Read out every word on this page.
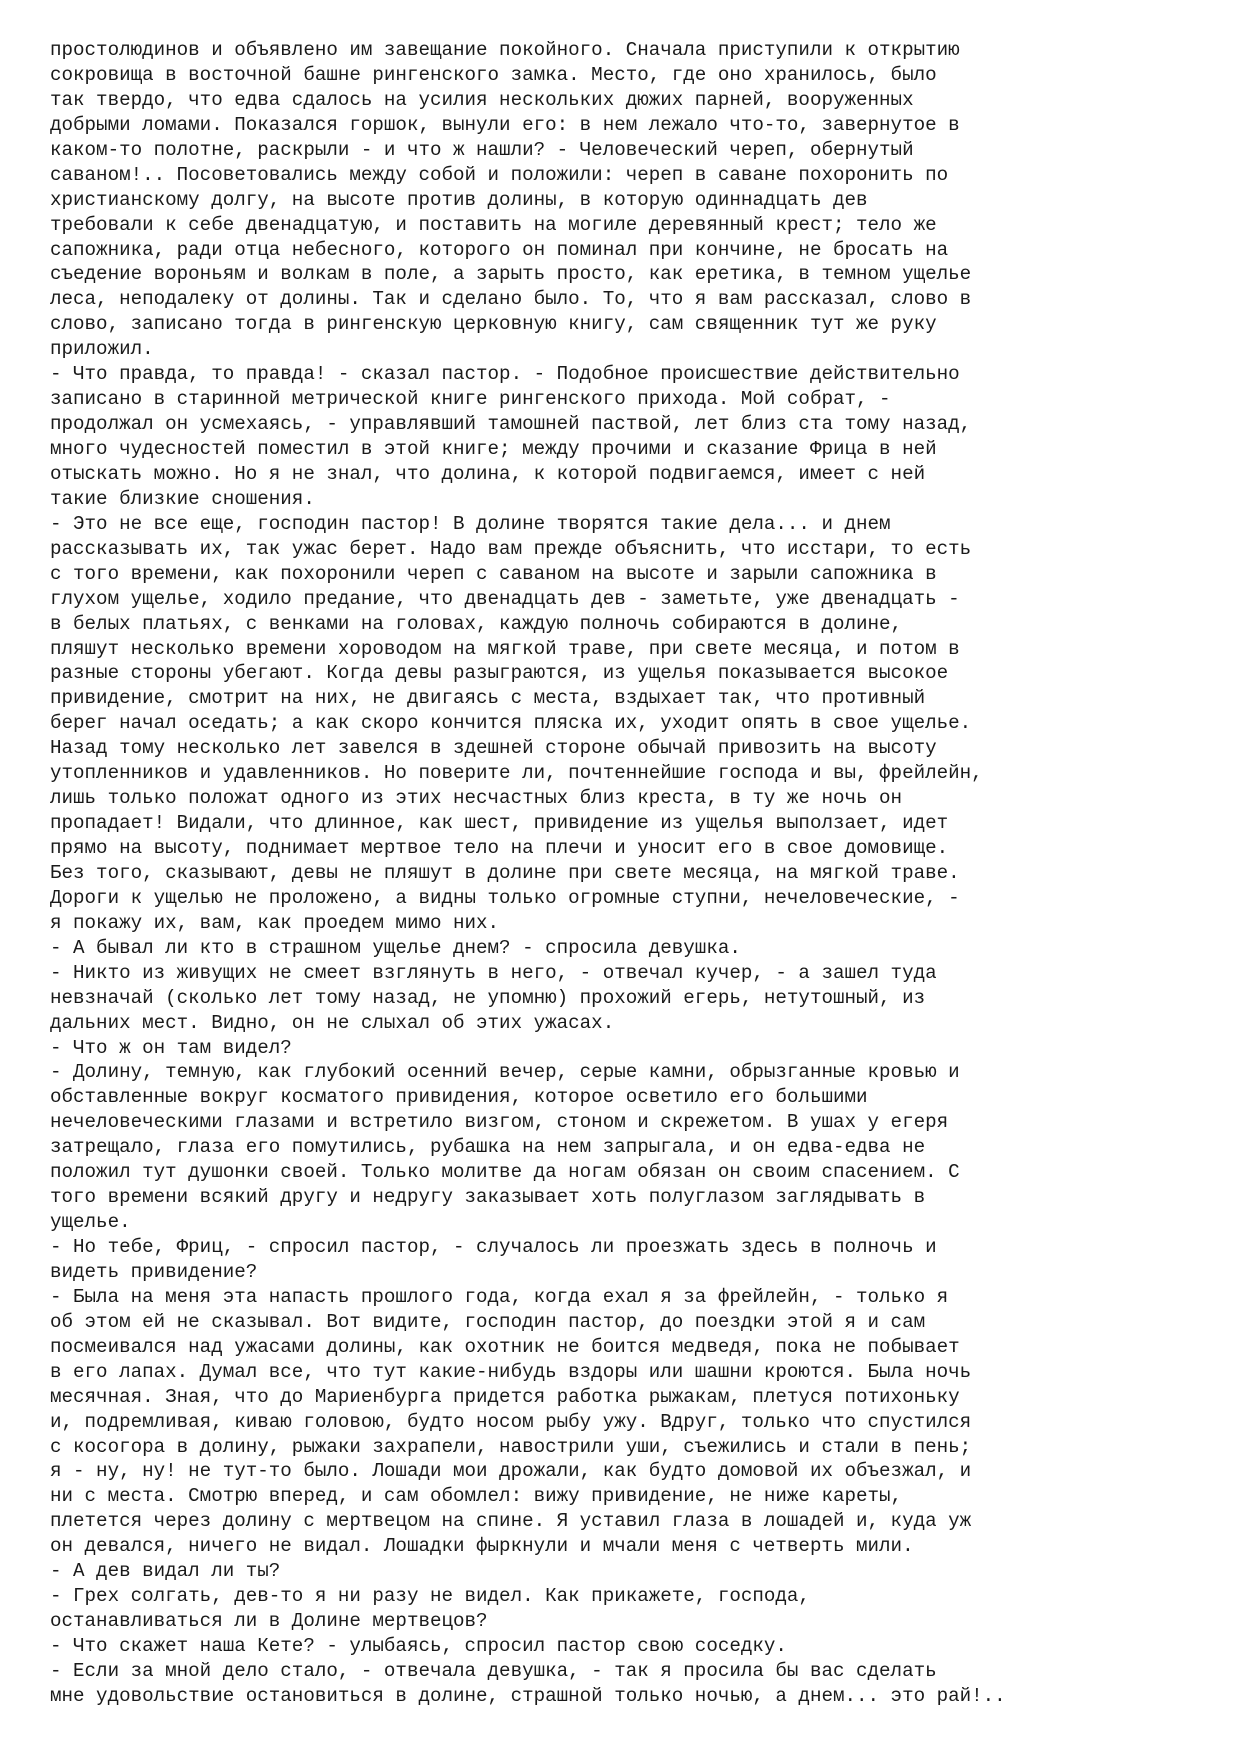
простолюдинов и объявлено им завещание покойного. Сначала приступили к открытию
сокровища в восточной башне рингенского замка. Место, где оно хранилось, было
так твердо, что едва сдалось на усилия нескольких дюжих парней, вооруженных
добрыми ломами. Показался горшок, вынули его: в нем лежало что-то, завернутое в
каком-то полотне, раскрыли - и что ж нашли? - Человеческий череп, обернутый
саваном!.. Посоветовались между собой и положили: череп в саване похоронить по
христианскому долгу, на высоте против долины, в которую одиннадцать дев
требовали к себе двенадцатую, и поставить на могиле деревянный крест; тело же
сапожника, ради отца небесного, которого он поминал при кончине, не бросать на
съедение вороньям и волкам в поле, а зарыть просто, как еретика, в темном ущелье
леса, неподалеку от долины. Так и сделано было. То, что я вам рассказал, слово в
слово, записано тогда в рингенскую церковную книгу, сам священник тут же руку
приложил.
- Что правда, то правда! - сказал пастор. - Подобное происшествие действительно
записано в старинной метрической книге рингенского прихода. Мой собрат, -
продолжал он усмехаясь, - управлявший тамошней паствой, лет близ ста тому назад,
много чудесностей поместил в этой книге; между прочими и сказание Фрица в ней
отыскать можно. Но я не знал, что долина, к которой подвигаемся, имеет с ней
такие близкие сношения.
- Это не все еще, господин пастор! В долине творятся такие дела... и днем
рассказывать их, так ужас берет. Надо вам прежде объяснить, что исстари, то есть
с того времени, как похоронили череп с саваном на высоте и зарыли сапожника в
глухом ущелье, ходило предание, что двенадцать дев - заметьте, уже двенадцать -
в белых платьях, с венками на головах, каждую полночь собираются в долине,
пляшут несколько времени хороводом на мягкой траве, при свете месяца, и потом в
разные стороны убегают. Когда девы разыграются, из ущелья показывается высокое
привидение, смотрит на них, не двигаясь с места, вздыхает так, что противный
берег начал оседать; а как скоро кончится пляска их, уходит опять в свое ущелье.
Назад тому несколько лет завелся в здешней стороне обычай привозить на высоту
утопленников и удавленников. Но поверите ли, почтеннейшие господа и вы, фрейлейн,
лишь только положат одного из этих несчастных близ креста, в ту же ночь он
пропадает! Видали, что длинное, как шест, привидение из ущелья выползает, идет
прямо на высоту, поднимает мертвое тело на плечи и уносит его в свое домовище.
Без того, сказывают, девы не пляшут в долине при свете месяца, на мягкой траве.
Дороги к ущелью не проложено, а видны только огромные ступни, нечеловеческие, -
я покажу их, вам, как проедем мимо них.
- А бывал ли кто в страшном ущелье днем? - спросила девушка.
- Никто из живущих не смеет взглянуть в него, - отвечал кучер, - а зашел туда
невзначай (сколько лет тому назад, не упомню) прохожий егерь, нетутошный, из
дальних мест. Видно, он не слыхал об этих ужасах.
- Что ж он там видел?
- Долину, темную, как глубокий осенний вечер, серые камни, обрызганные кровью и
обставленные вокруг косматого привидения, которое осветило его большими
нечеловеческими глазами и встретило визгом, стоном и скрежетом. В ушах у егеря
затрещало, глаза его помутились, рубашка на нем запрыгала, и он едва-едва не
положил тут душонки своей. Только молитве да ногам обязан он своим спасением. С
того времени всякий другу и недругу заказывает хоть полуглазом заглядывать в
ущелье.
- Но тебе, Фриц, - спросил пастор, - случалось ли проезжать здесь в полночь и
видеть привидение?
- Была на меня эта напасть прошлого года, когда ехал я за фрейлейн, - только я
об этом ей не сказывал. Вот видите, господин пастор, до поездки этой я и сам
посмеивался над ужасами долины, как охотник не боится медведя, пока не побывает
в его лапах. Думал все, что тут какие-нибудь вздоры или шашни кроются. Была ночь
месячная. Зная, что до Мариенбурга придется работка рыжакам, плетуся потихоньку
и, подремливая, киваю головою, будто носом рыбу ужу. Вдруг, только что спустился
с косогора в долину, рыжаки захрапели, навострили уши, съежились и стали в пень;
я - ну, ну! не тут-то было. Лошади мои дрожали, как будто домовой их объезжал, и
ни с места. Смотрю вперед, и сам обомлел: вижу привидение, не ниже кареты,
плетется через долину с мертвецом на спине. Я уставил глаза в лошадей и, куда уж
он девался, ничего не видал. Лошадки фыркнули и мчали меня с четверть мили.
- А дев видал ли ты?
- Грех солгать, дев-то я ни разу не видел. Как прикажете, господа,
останавливаться ли в Долине мертвецов?
- Что скажет наша Кете? - улыбаясь, спросил пастор свою соседку.
- Если за мной дело стало, - отвечала девушка, - так я просила бы вас сделать
мне удовольствие остановиться в долине, страшной только ночью, а днем... это рай!..
